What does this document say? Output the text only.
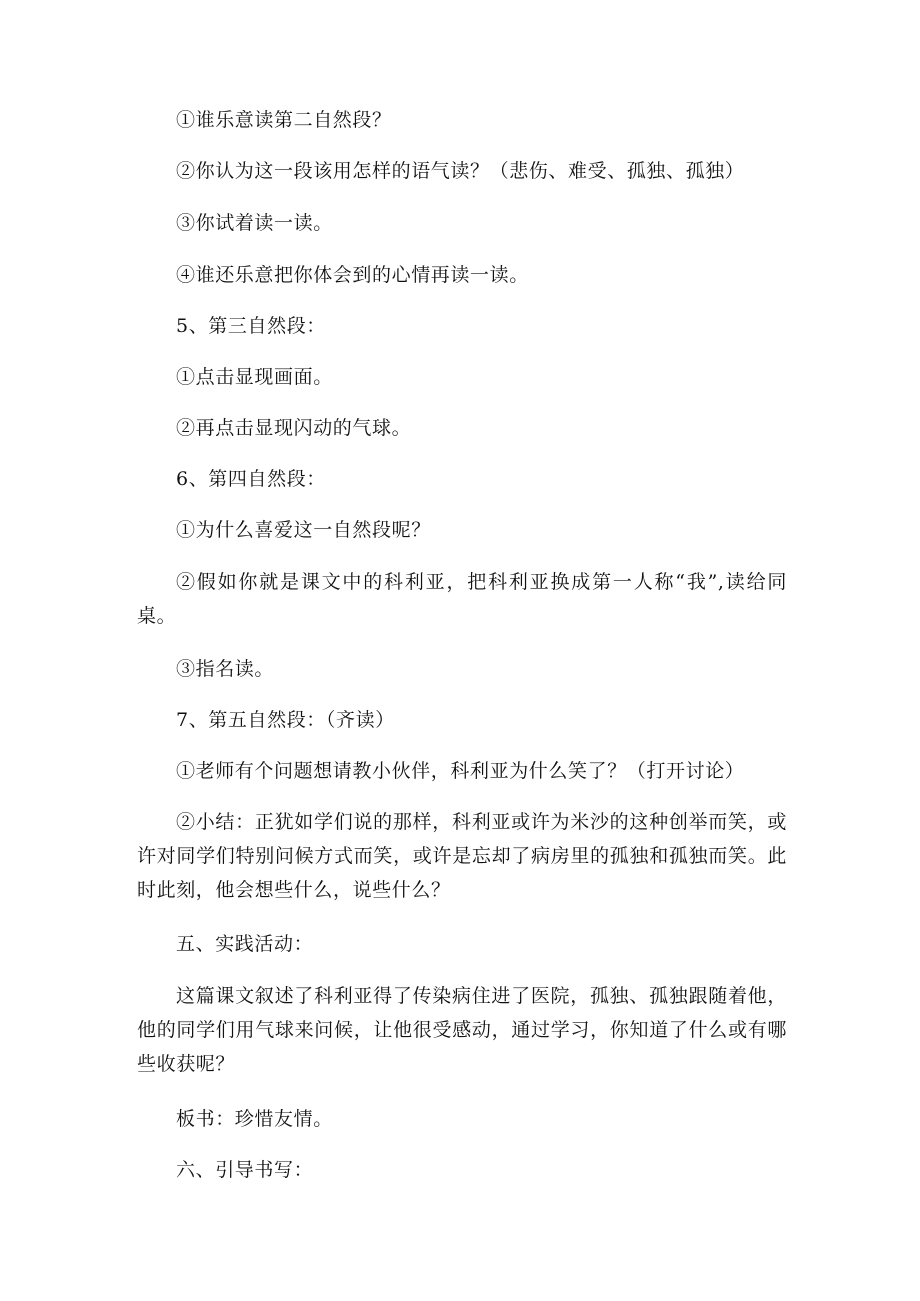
①谁乐意读第二自然段？

②你认为这一段该用怎样的语气读？（悲伤、难受、孤独、孤独）

③你试着读一读。

④谁还乐意把你体会到的心情再读一读。

5、第三自然段：

①点击显现画面。

②再点击显现闪动的气球。

6、第四自然段：

①为什么喜爱这一自然段呢？

②假如你就是课文中的科利亚，把科利亚换成第一人称“我”,读给同桌。

③指名读。

7、第五自然段：（齐读）

①老师有个问题想请教小伙伴，科利亚为什么笑了？（打开讨论）

②小结：正犹如学们说的那样，科利亚或许为米沙的这种创举而笑，或许对同学们特别问候方式而笑，或许是忘却了病房里的孤独和孤独而笑。此时此刻，他会想些什么，说些什么？

五、实践活动：

这篇课文叙述了科利亚得了传染病住进了医院，孤独、孤独跟随着他，他的同学们用气球来问候，让他很受感动，通过学习，你知道了什么或有哪些收获呢？

板书：珍惜友情。

六、引导书写：
